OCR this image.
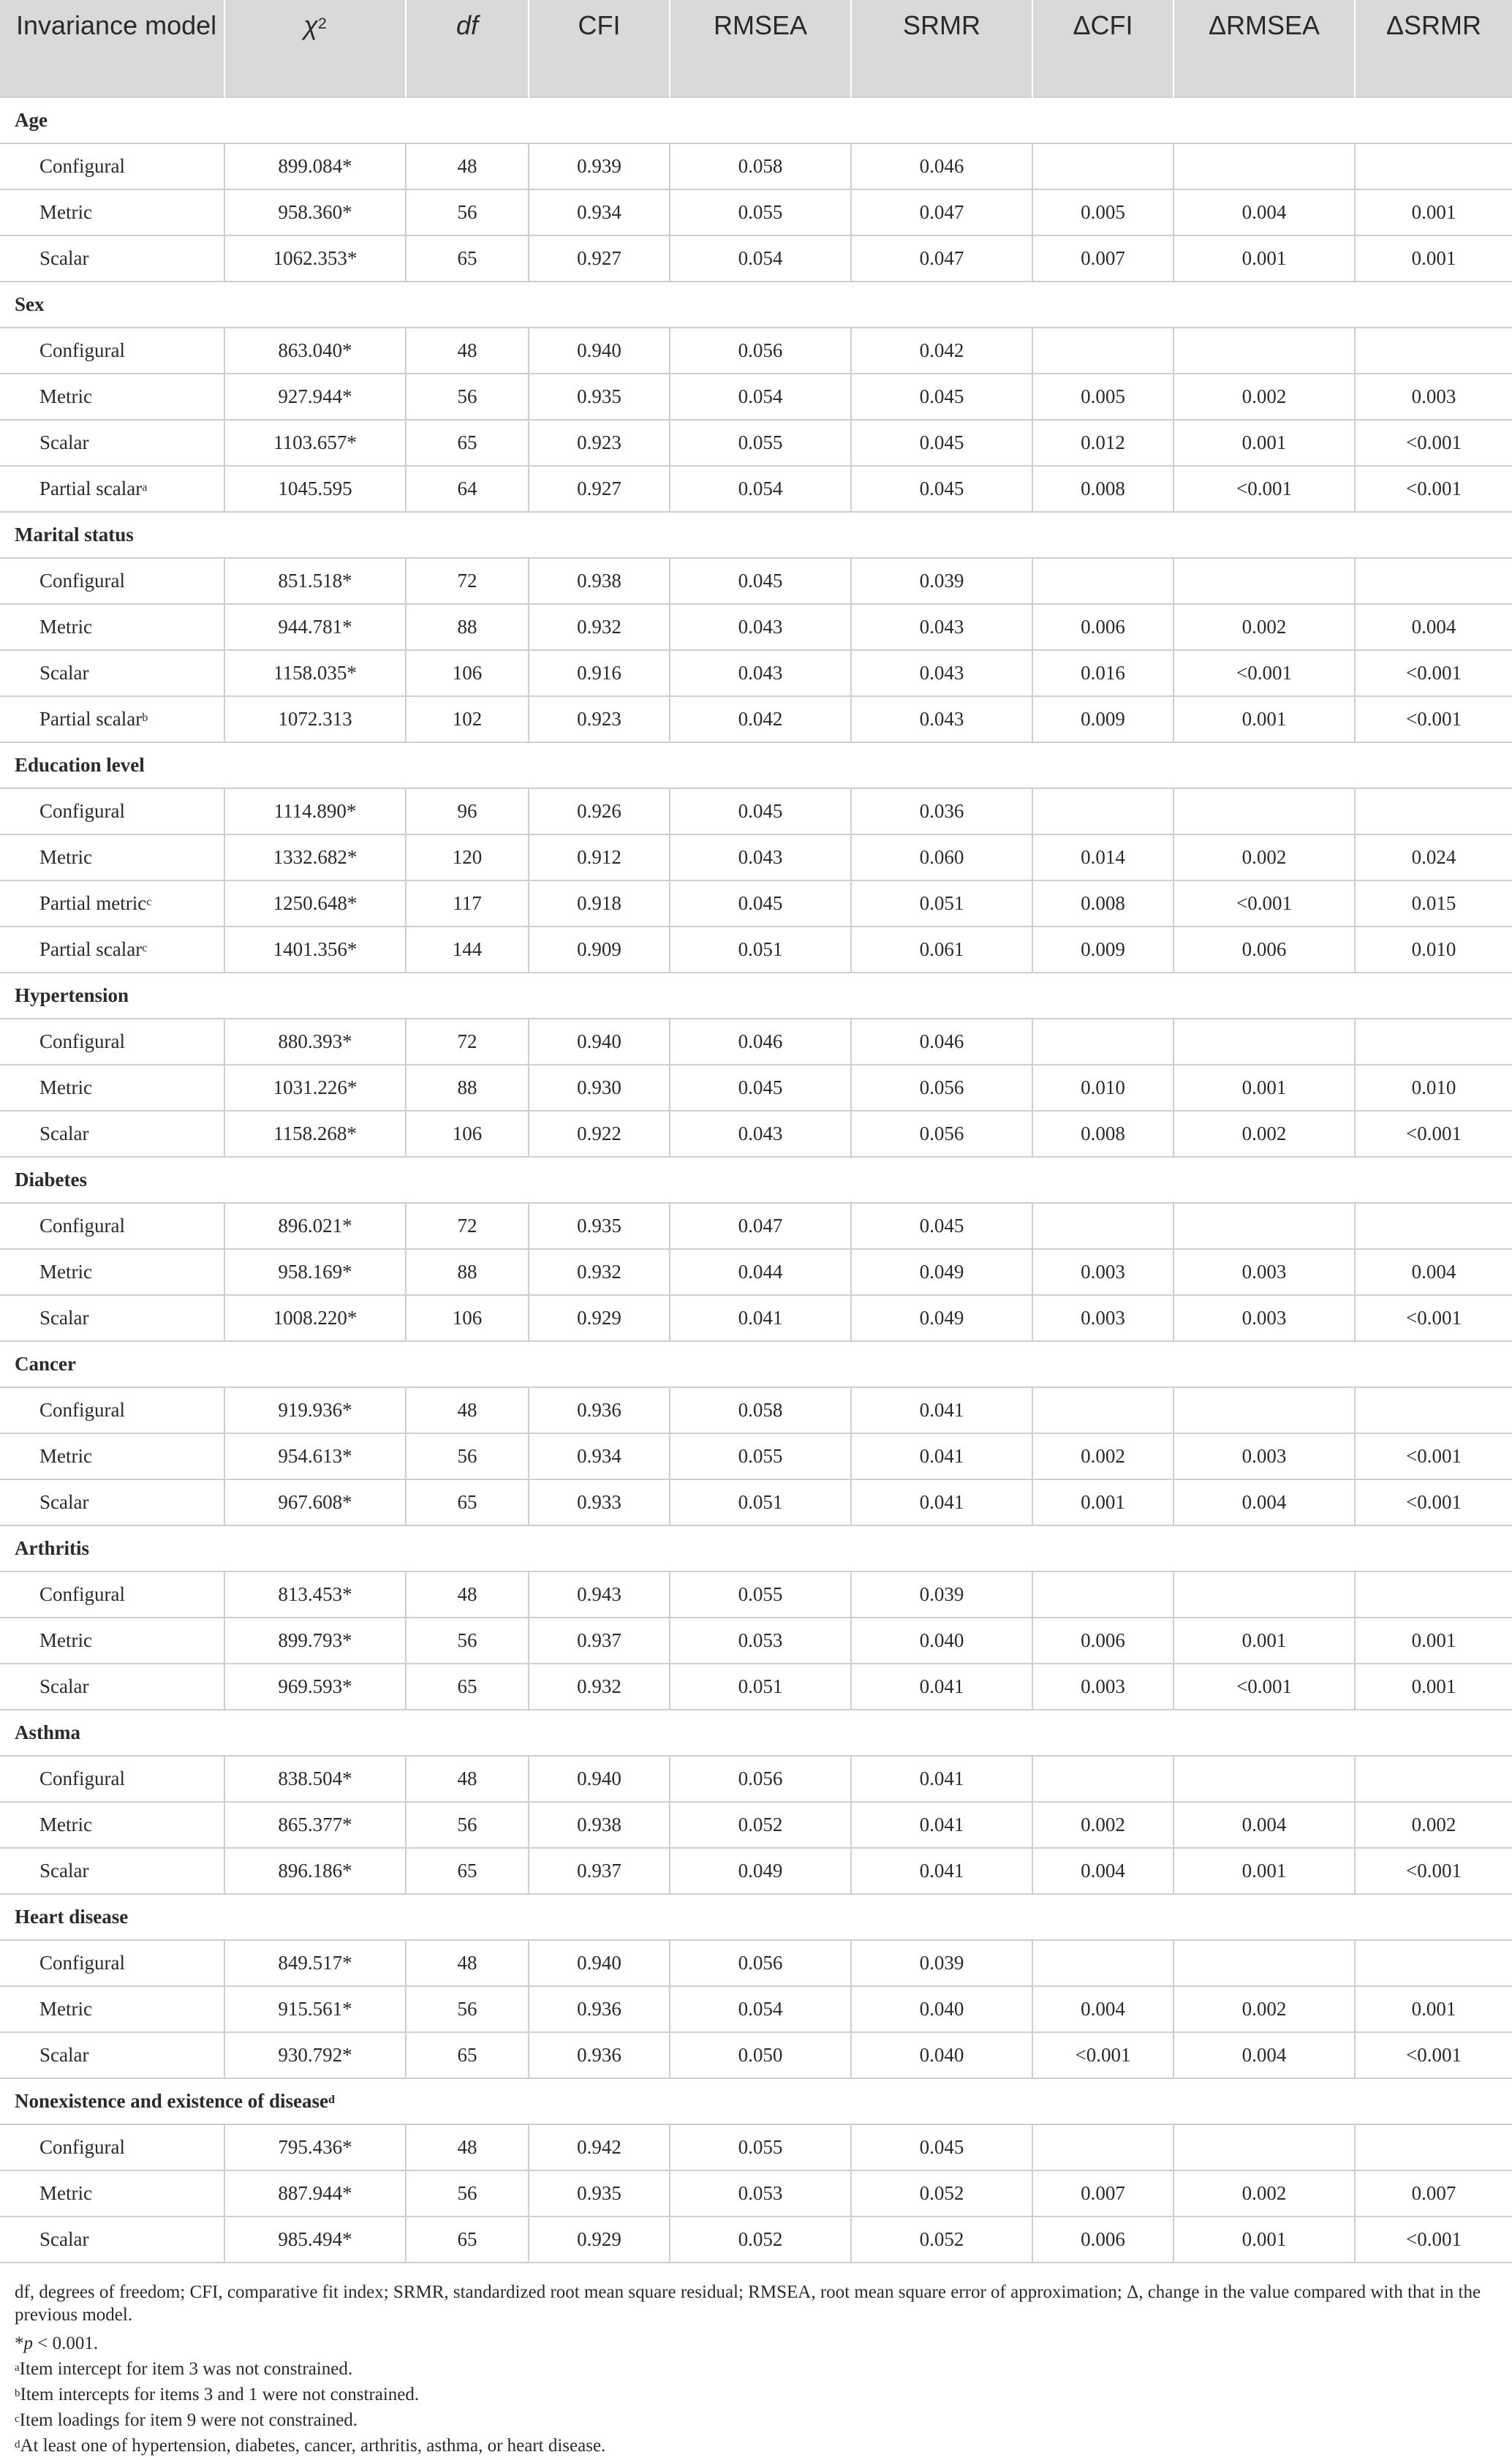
Invariance model	$\chi^2$	df	CFI	RMSEA	SRMR	ΔCFI	ΔRMSEA	ΔSRMR
Age								
Configural	899.084*	48	0.939	0.058	0.046			
Metric	958.360*	56	0.934	0.055	0.047	0.005	0.004	0.001
Scalar	1062.353*	65	0.927	0.054	0.047	0.007	0.001	0.001
Sex								
Configural	863.040*	48	0.940	0.056	0.042			
Metric	927.944*	56	0.935	0.054	0.045	0.005	0.002	0.003
Scalar	1103.657*	65	0.923	0.055	0.045	0.012	0.001	<0.001
Partial scalar$^a$	1045.595	64	0.927	0.054	0.045	0.008	<0.001	<0.001
Marital status								
Configural	851.518*	72	0.938	0.045	0.039			
Metric	944.781*	88	0.932	0.043	0.043	0.006	0.002	0.004
Scalar	1158.035*	106	0.916	0.043	0.043	0.016	<0.001	<0.001
Partial scalar$^b$	1072.313	102	0.923	0.042	0.043	0.009	0.001	<0.001
Education level								
Configural	1114.890*	96	0.926	0.045	0.036			
Metric	1332.682*	120	0.912	0.043	0.060	0.014	0.002	0.024
Partial metric$^c$	1250.648*	117	0.918	0.045	0.051	0.008	<0.001	0.015
Partial scalar$^c$	1401.356*	144	0.909	0.051	0.061	0.009	0.006	0.010
Hypertension								
Configural	880.393*	72	0.940	0.046	0.046			
Metric	1031.226*	88	0.930	0.045	0.056	0.010	0.001	0.010
Scalar	1158.268*	106	0.922	0.043	0.056	0.008	0.002	<0.001
Diabetes								
Configural	896.021*	72	0.935	0.047	0.045			
Metric	958.169*	88	0.932	0.044	0.049	0.003	0.003	0.004
Scalar	1008.220*	106	0.929	0.041	0.049	0.003	0.003	<0.001
Cancer								
Configural	919.936*	48	0.936	0.058	0.041			
Metric	954.613*	56	0.934	0.055	0.041	0.002	0.003	<0.001
Scalar	967.608*	65	0.933	0.051	0.041	0.001	0.004	<0.001
Arthritis								
Configural	813.453*	48	0.943	0.055	0.039			
Metric	899.793*	56	0.937	0.053	0.040	0.006	0.001	0.001
Scalar	969.593*	65	0.932	0.051	0.041	0.003	<0.001	0.001
Asthma								
Configural	838.504*	48	0.940	0.056	0.041			
Metric	865.377*	56	0.938	0.052	0.041	0.002	0.004	0.002
Scalar	896.186*	65	0.937	0.049	0.041	0.004	0.001	<0.001
Heart disease								
Configural	849.517*	48	0.940	0.056	0.039			
Metric	915.561*	56	0.936	0.054	0.040	0.004	0.002	0.001
Scalar	930.792*	65	0.936	0.050	0.040	<0.001	0.004	<0.001
Nonexistence and existence of disease$^d$
Configural	795.436*	48	0.942	0.055	0.045			
Metric	887.944*	56	0.935	0.053	0.052	0.007	0.002	0.007
Scalar	985.494*	65	0.929	0.052	0.052	0.006	0.001	<0.001

df, degrees of freedom; CFI, comparative fit index; SRMR, standardized root mean square residual; RMSEA, root mean square error of approximation; Δ, change in the value compared with that in the previous model.

*p < 0.001.

$^a$Item intercept for item 3 was not constrained.

$^b$Item intercepts for items 3 and 1 were not constrained.

$^c$Item loadings for item 9 were not constrained.

$^d$At least one of hypertension, diabetes, cancer, arthritis, asthma, or heart disease.
